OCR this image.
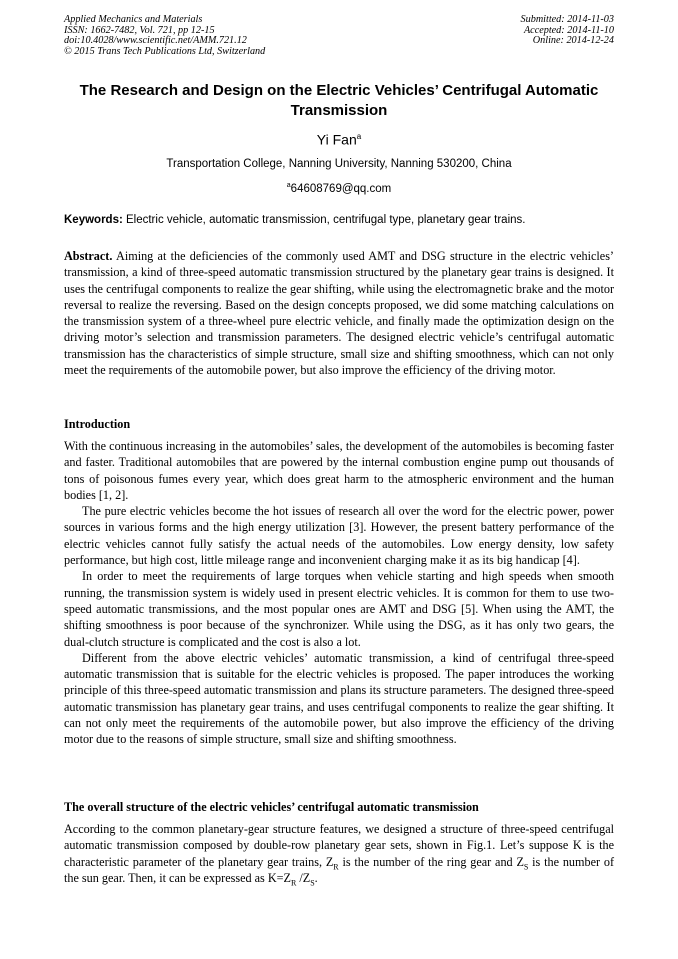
Applied Mechanics and Materials
ISSN: 1662-7482, Vol. 721, pp 12-15
doi:10.4028/www.scientific.net/AMM.721.12
© 2015 Trans Tech Publications Ltd, Switzerland
Submitted: 2014-11-03
Accepted: 2014-11-10
Online: 2014-12-24
The Research and Design on the Electric Vehicles’ Centrifugal Automatic Transmission
Yi Fan$^a$
Transportation College, Nanning University, Nanning 530200, China
$^a$64608769@qq.com
Keywords: Electric vehicle, automatic transmission, centrifugal type, planetary gear trains.

Abstract. Aiming at the deficiencies of the commonly used AMT and DSG structure in the electric vehicles’ transmission, a kind of three-speed automatic transmission structured by the planetary gear trains is designed. It uses the centrifugal components to realize the gear shifting, while using the electromagnetic brake and the motor reversal to realize the reversing. Based on the design concepts proposed, we did some matching calculations on the transmission system of a three-wheel pure electric vehicle, and finally made the optimization design on the driving motor’s selection and transmission parameters. The designed electric vehicle’s centrifugal automatic transmission has the characteristics of simple structure, small size and shifting smoothness, which can not only meet the requirements of the automobile power, but also improve the efficiency of the driving motor.

Introduction

With the continuous increasing in the automobiles’ sales, the development of the automobiles is becoming faster and faster. Traditional automobiles that are powered by the internal combustion engine pump out thousands of tons of poisonous fumes every year, which does great harm to the atmospheric environment and the human bodies [1, 2].

The pure electric vehicles become the hot issues of research all over the word for the electric power, power sources in various forms and the high energy utilization [3]. However, the present battery performance of the electric vehicles cannot fully satisfy the actual needs of the automobiles. Low energy density, low safety performance, but high cost, little mileage range and inconvenient charging make it as its big handicap [4].

In order to meet the requirements of large torques when vehicle starting and high speeds when smooth running, the transmission system is widely used in present electric vehicles. It is common for them to use two-speed automatic transmissions, and the most popular ones are AMT and DSG [5]. When using the AMT, the shifting smoothness is poor because of the synchronizer. While using the DSG, as it has only two gears, the dual-clutch structure is complicated and the cost is also a lot.

Different from the above electric vehicles’ automatic transmission, a kind of centrifugal three-speed automatic transmission that is suitable for the electric vehicles is proposed. The paper introduces the working principle of this three-speed automatic transmission and plans its structure parameters. The designed three-speed automatic transmission has planetary gear trains, and uses centrifugal components to realize the gear shifting. It can not only meet the requirements of the automobile power, but also improve the efficiency of the driving motor due to the reasons of simple structure, small size and shifting smoothness.

The overall structure of the electric vehicles’ centrifugal automatic transmission

According to the common planetary-gear structure features, we designed a structure of three-speed centrifugal automatic transmission composed by double-row planetary gear sets, shown in Fig.1. Let’s suppose K is the characteristic parameter of the planetary gear trains, $Z_R$ is the number of the ring gear and $Z_S$ is the number of the sun gear. Then, it can be expressed as $K=Z_R$ $/Z_S$.
